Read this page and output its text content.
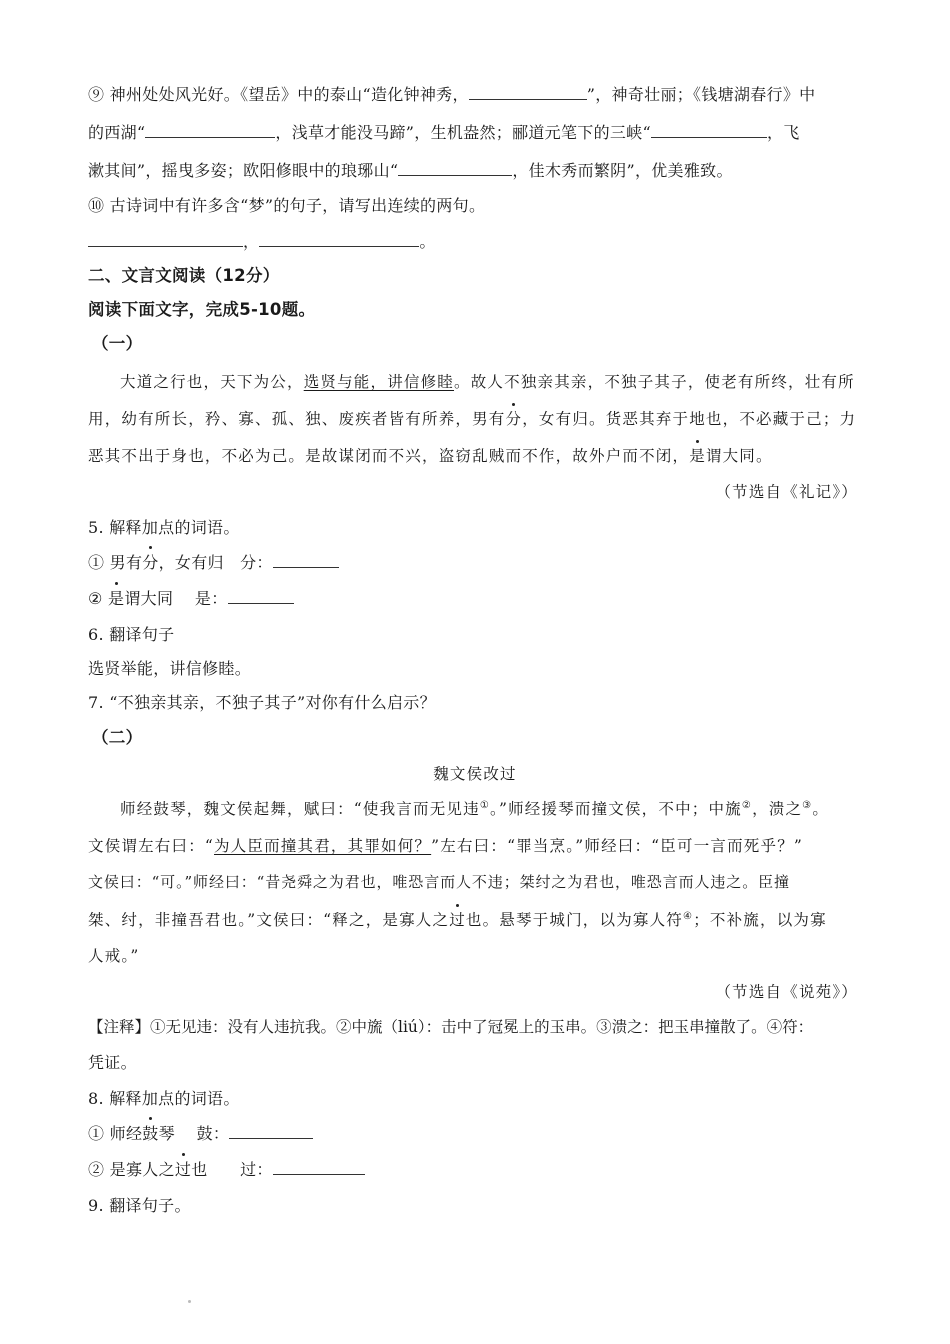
⑨ 神州处处风光好。《望岳》中的泰山“造化钟神秀，	”，神奇壮丽；《钱塘湖春行》中
的西湖“	，浅草才能没马蹄”，生机盎然；郦道元笔下的三峡“	，飞
漱其间”，摇曳多姿；欧阳修眼中的琅琊山“	，佳木秀而繁阴”，优美雅致。
⑩ 古诗词中有许多含“梦”的句子，请写出连续的两句。
，	。
二、文言文阅读（12分）
阅读下面文字，完成5-10题。
（一）
大道之行也，天下为公，选贤与能，讲信修睦。故人不独亲其亲，不独子其子，使老有所终，壮有所
用，幼有所长，矜、寡、孤、独、废疾者皆有所养，男有分，女有归。货恶其弃于地也，不必藏于己；力
恶其不出于身也，不必为己。是故谋闭而不兴，盗窃乱贼而不作，故外户而不闭，是谓大同。
（节选自《礼记》）
5. 解释加点的词语。
① 男有分，女有归　分：
② 是谓大同　 是：
6. 翻译句子
选贤举能，讲信修睦。
7. “不独亲其亲，不独子其子”对你有什么启示？
（二）
魏文侯改过
师经鼓琴，魏文侯起舞，赋曰：“使我言而无见违①。”师经援琴而撞文侯，不中；中旒②，溃之③。
文侯谓左右曰：“为人臣而撞其君，其罪如何？”左右曰：“罪当烹。”师经曰：“臣可一言而死乎？”
文侯曰：“可。”师经曰：“昔尧舜之为君也，唯恐言而人不违；桀纣之为君也，唯恐言而人违之。臣撞
桀、纣，非撞吾君也。”文侯曰：“释之，是寡人之过也。悬琴于城门，以为寡人符④；不补旒，以为寡
人戒。”
（节选自《说苑》）
【注释】①无见违：没有人违抗我。②中旒（liú）：击中了冠冕上的玉串。③溃之：把玉串撞散了。④符：
凭证。
8. 解释加点的词语。
① 师经鼓琴　 鼓：
② 是寡人之过也　　过：
9. 翻译句子。
